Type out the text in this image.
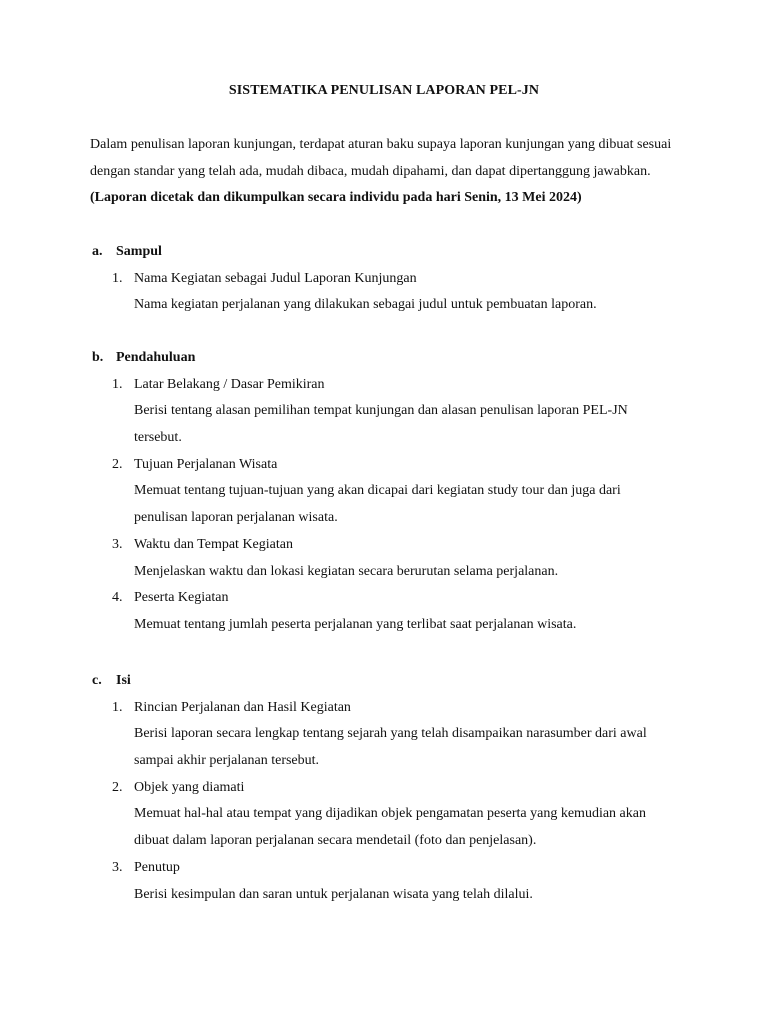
SISTEMATIKA PENULISAN LAPORAN PEL-JN
Dalam penulisan laporan kunjungan, terdapat aturan baku supaya laporan kunjungan yang dibuat sesuai dengan standar yang telah ada, mudah dibaca, mudah dipahami, dan dapat dipertanggung jawabkan. (Laporan dicetak dan dikumpulkan secara individu pada hari Senin, 13 Mei 2024)
a. Sampul
1. Nama Kegiatan sebagai Judul Laporan Kunjungan
Nama kegiatan perjalanan yang dilakukan sebagai judul untuk pembuatan laporan.
b. Pendahuluan
1. Latar Belakang / Dasar Pemikiran
Berisi tentang alasan pemilihan tempat kunjungan dan alasan penulisan laporan PEL-JN tersebut.
2. Tujuan Perjalanan Wisata
Memuat tentang tujuan-tujuan yang akan dicapai dari kegiatan study tour dan juga dari penulisan laporan perjalanan wisata.
3. Waktu dan Tempat Kegiatan
Menjelaskan waktu dan lokasi kegiatan secara berurutan selama perjalanan.
4. Peserta Kegiatan
Memuat tentang jumlah peserta perjalanan yang terlibat saat perjalanan wisata.
c. Isi
1. Rincian Perjalanan dan Hasil Kegiatan
Berisi laporan secara lengkap tentang sejarah yang telah disampaikan narasumber dari awal sampai akhir perjalanan tersebut.
2. Objek yang diamati
Memuat hal-hal atau tempat yang dijadikan objek pengamatan peserta yang kemudian akan dibuat dalam laporan perjalanan secara mendetail (foto dan penjelasan).
3. Penutup
Berisi kesimpulan dan saran untuk perjalanan wisata yang telah dilalui.
